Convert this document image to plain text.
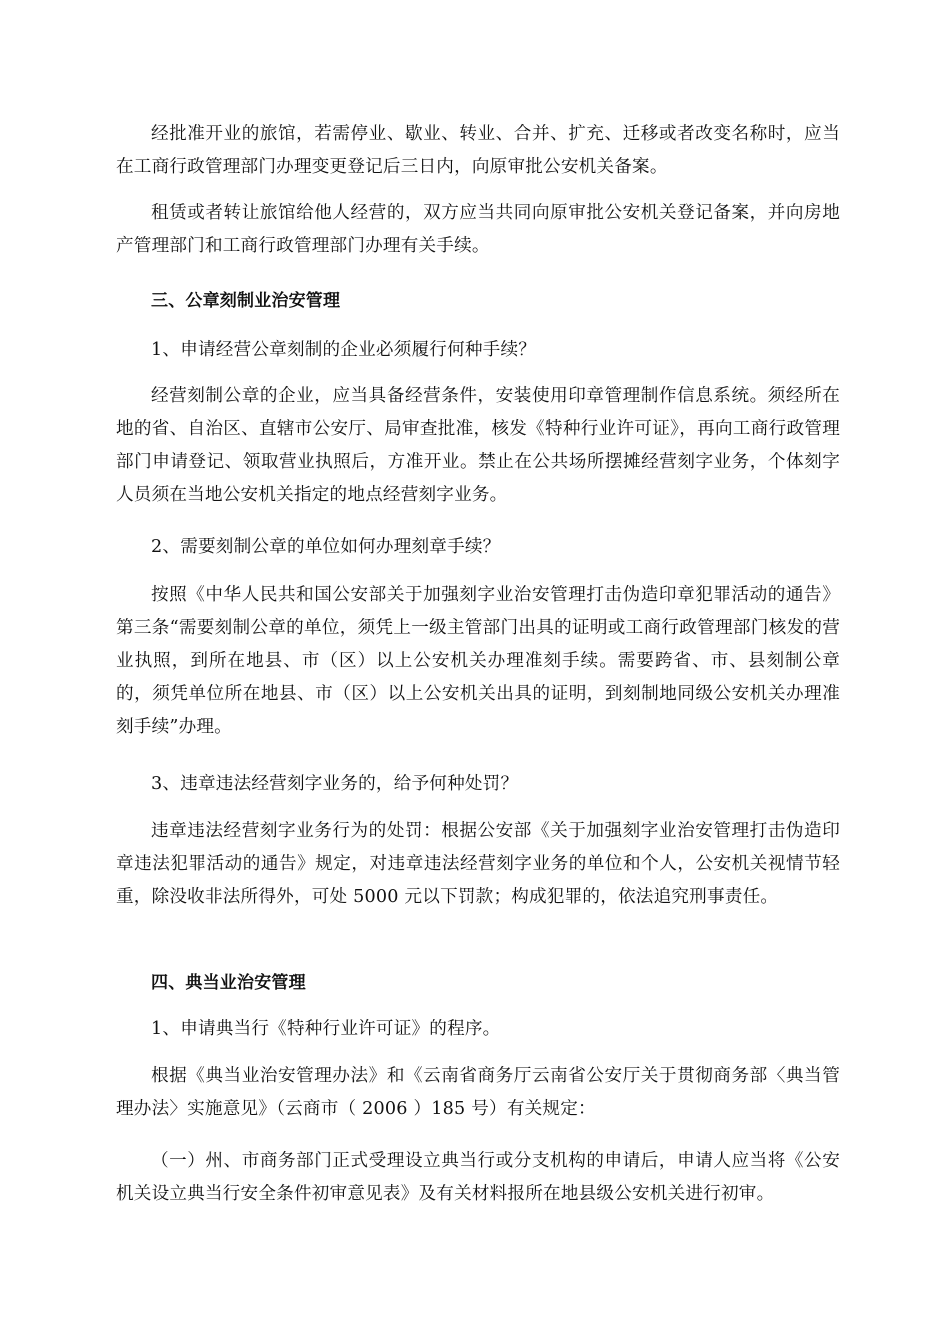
经批准开业的旅馆，若需停业、歇业、转业、合并、扩充、迁移或者改变名称时，应当在工商行政管理部门办理变更登记后三日内，向原审批公安机关备案。

租赁或者转让旅馆给他人经营的，双方应当共同向原审批公安机关登记备案，并向房地产管理部门和工商行政管理部门办理有关手续。

三、公章刻制业治安管理

1、申请经营公章刻制的企业必须履行何种手续？

经营刻制公章的企业，应当具备经营条件，安装使用印章管理制作信息系统。须经所在地的省、自治区、直辖市公安厅、局审查批准，核发《特种行业许可证》，再向工商行政管理部门申请登记、领取营业执照后，方准开业。禁止在公共场所摆摊经营刻字业务，个体刻字人员须在当地公安机关指定的地点经营刻字业务。

2、需要刻制公章的单位如何办理刻章手续？

按照《中华人民共和国公安部关于加强刻字业治安管理打击伪造印章犯罪活动的通告》第三条“需要刻制公章的单位，须凭上一级主管部门出具的证明或工商行政管理部门核发的营业执照，到所在地县、市（区）以上公安机关办理准刻手续。需要跨省、市、县刻制公章的，须凭单位所在地县、市（区）以上公安机关出具的证明，到刻制地同级公安机关办理准刻手续”办理。

3、违章违法经营刻字业务的，给予何种处罚？

违章违法经营刻字业务行为的处罚：根据公安部《关于加强刻字业治安管理打击伪造印章违法犯罪活动的通告》规定，对违章违法经营刻字业务的单位和个人，公安机关视情节轻重，除没收非法所得外，可处 5000 元以下罚款；构成犯罪的，依法追究刑事责任。

四、典当业治安管理

1、申请典当行《特种行业许可证》的程序。

根据《典当业治安管理办法》和《云南省商务厅云南省公安厅关于贯彻商务部〈典当管理办法〉实施意见》（云商市（ 2006 ）185 号）有关规定：

（一）州、市商务部门正式受理设立典当行或分支机构的申请后，申请人应当将《公安机关设立典当行安全条件初审意见表》及有关材料报所在地县级公安机关进行初审。
